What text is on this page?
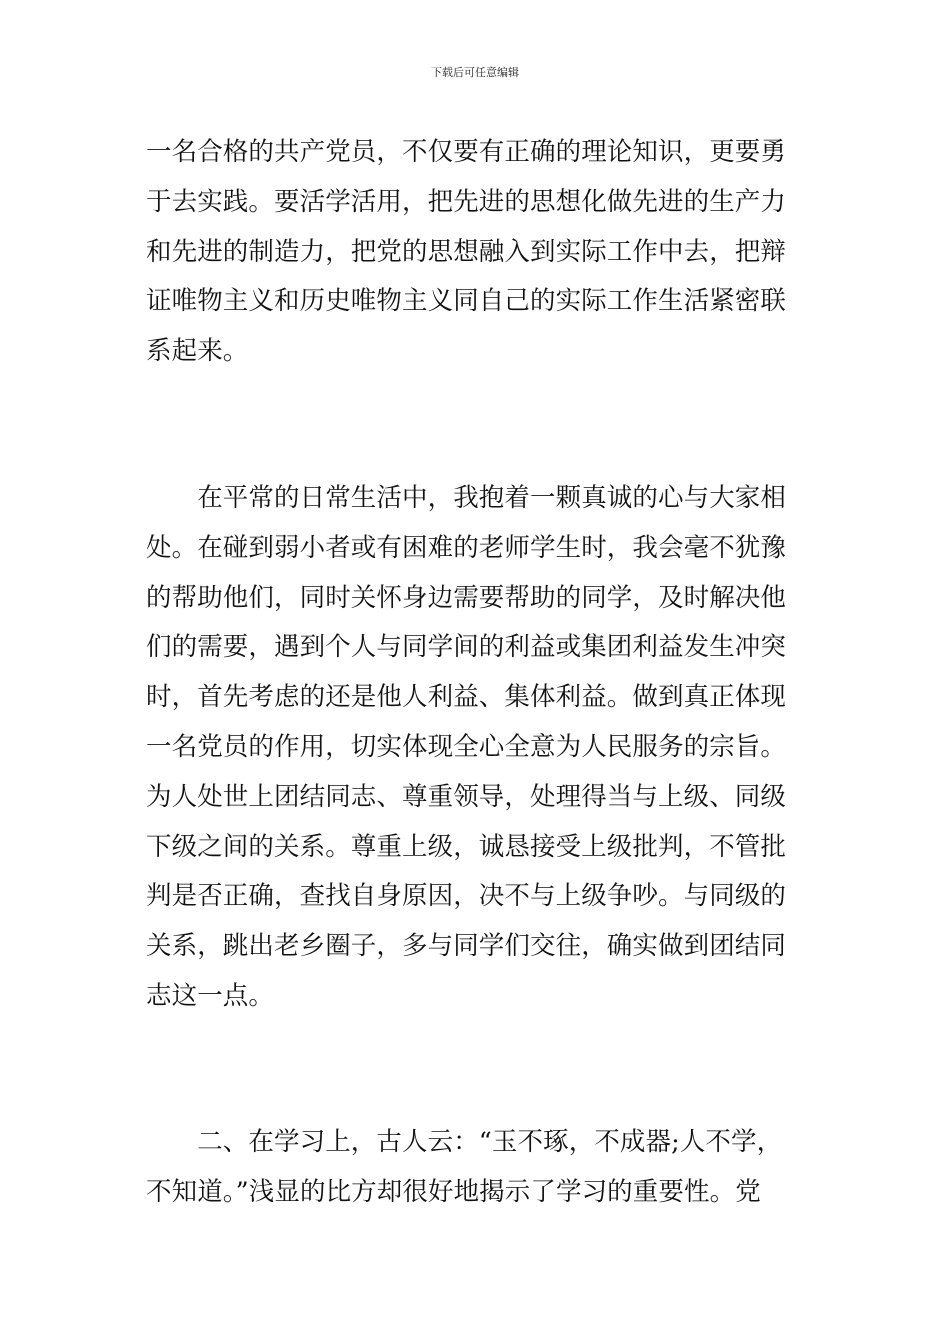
下载后可任意编辑
一名合格的共产党员，不仅要有正确的理论知识，更要勇
于去实践。要活学活用，把先进的思想化做先进的生产力
和先进的制造力，把党的思想融入到实际工作中去，把辩
证唯物主义和历史唯物主义同自己的实际工作生活紧密联
系起来。
　　在平常的日常生活中，我抱着一颗真诚的心与大家相
处。在碰到弱小者或有困难的老师学生时，我会毫不犹豫
的帮助他们，同时关怀身边需要帮助的同学，及时解决他
们的需要，遇到个人与同学间的利益或集团利益发生冲突
时，首先考虑的还是他人利益、集体利益。做到真正体现
一名党员的作用，切实体现全心全意为人民服务的宗旨。
为人处世上团结同志、尊重领导，处理得当与上级、同级
下级之间的关系。尊重上级，诚恳接受上级批判，不管批
判是否正确，查找自身原因，决不与上级争吵。与同级的
关系，跳出老乡圈子，多与同学们交往，确实做到团结同
志这一点。
　　二、在学习上，古人云：“玉不琢，不成器;人不学，
不知道。”浅显的比方却很好地揭示了学习的重要性。党
